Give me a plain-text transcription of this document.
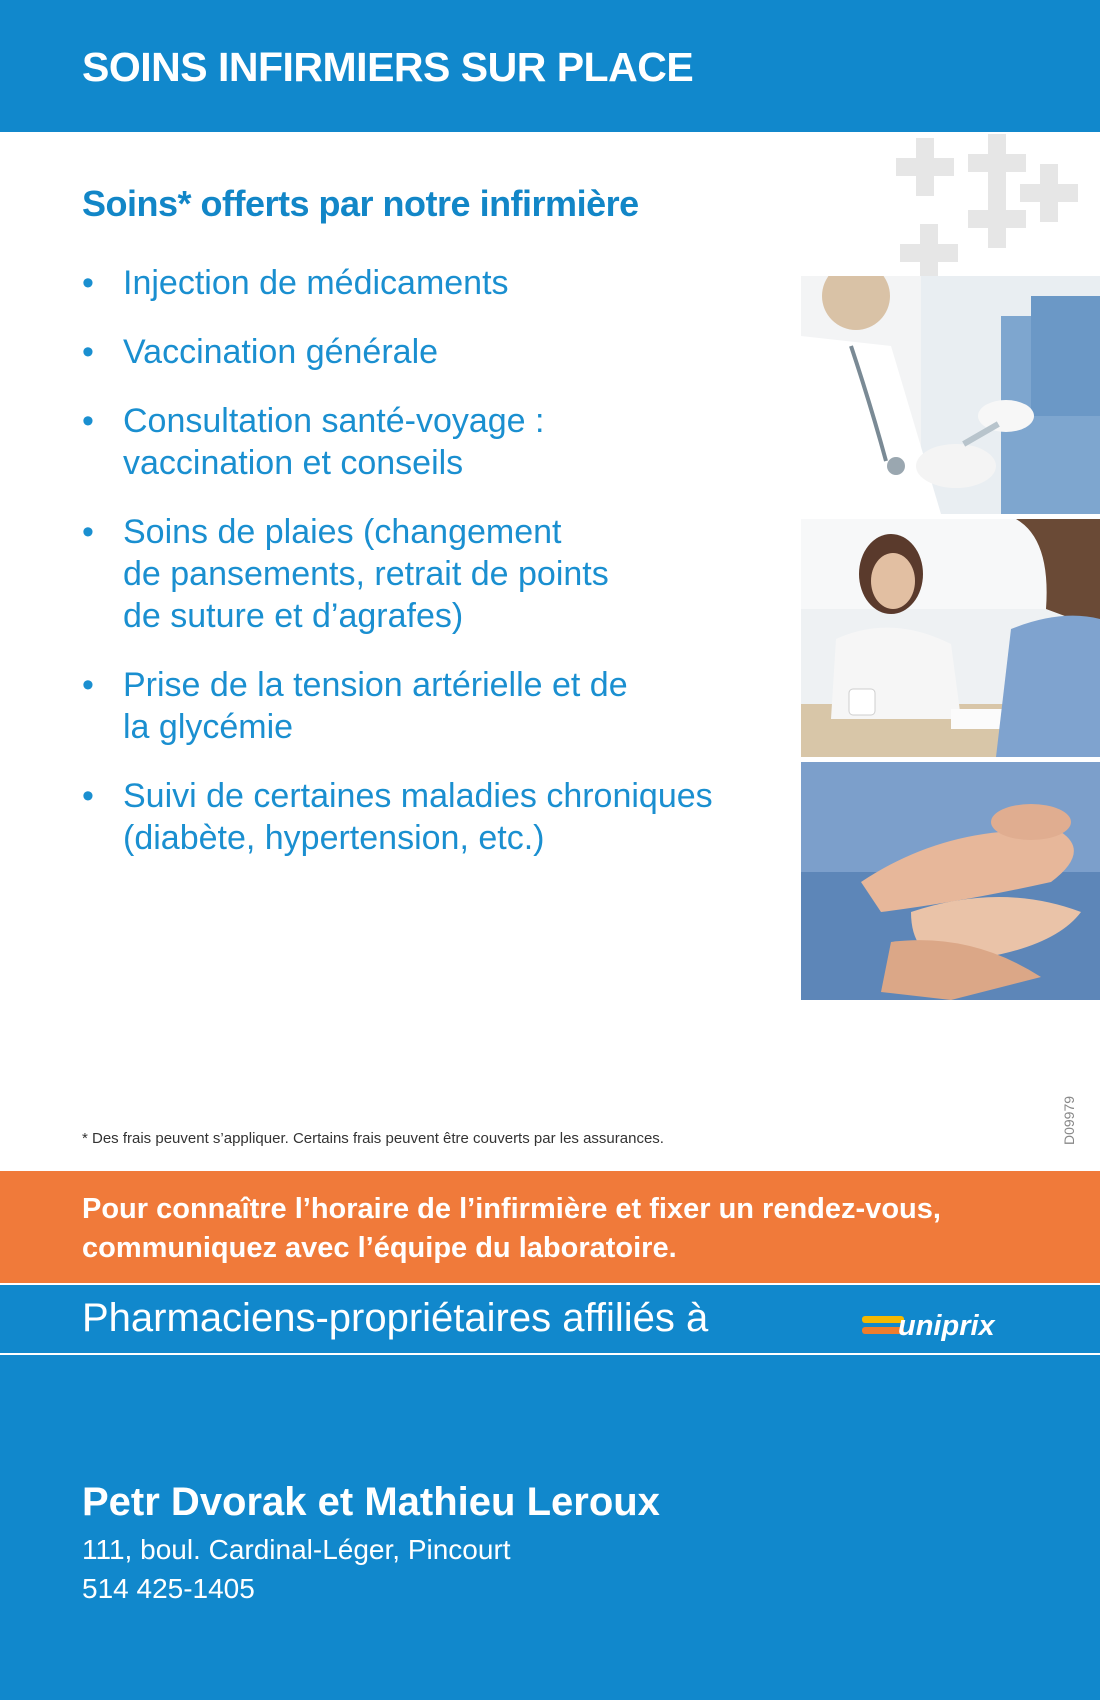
SOINS INFIRMIERS SUR PLACE
Soins* offerts par notre infirmière
• Injection de médicaments
• Vaccination générale
• Consultation santé-voyage :
vaccination et conseils
• Soins de plaies (changement
de pansements, retrait de points
de suture et d’agrafes)
• Prise de la tension artérielle et de
la glycémie
• Suivi de certaines maladies chroniques
(diabète, hypertension, etc.)
* Des frais peuvent s’appliquer. Certains frais peuvent être couverts par les assurances.	D09979
Pour connaître l’horaire de l’infirmière et fixer un rendez-vous,
communiquez avec l’équipe du laboratoire.
Pharmaciens-propriétaires affiliés à	uniprix
Petr Dvorak et Mathieu Leroux
111, boul. Cardinal-Léger, Pincourt
514 425-1405
